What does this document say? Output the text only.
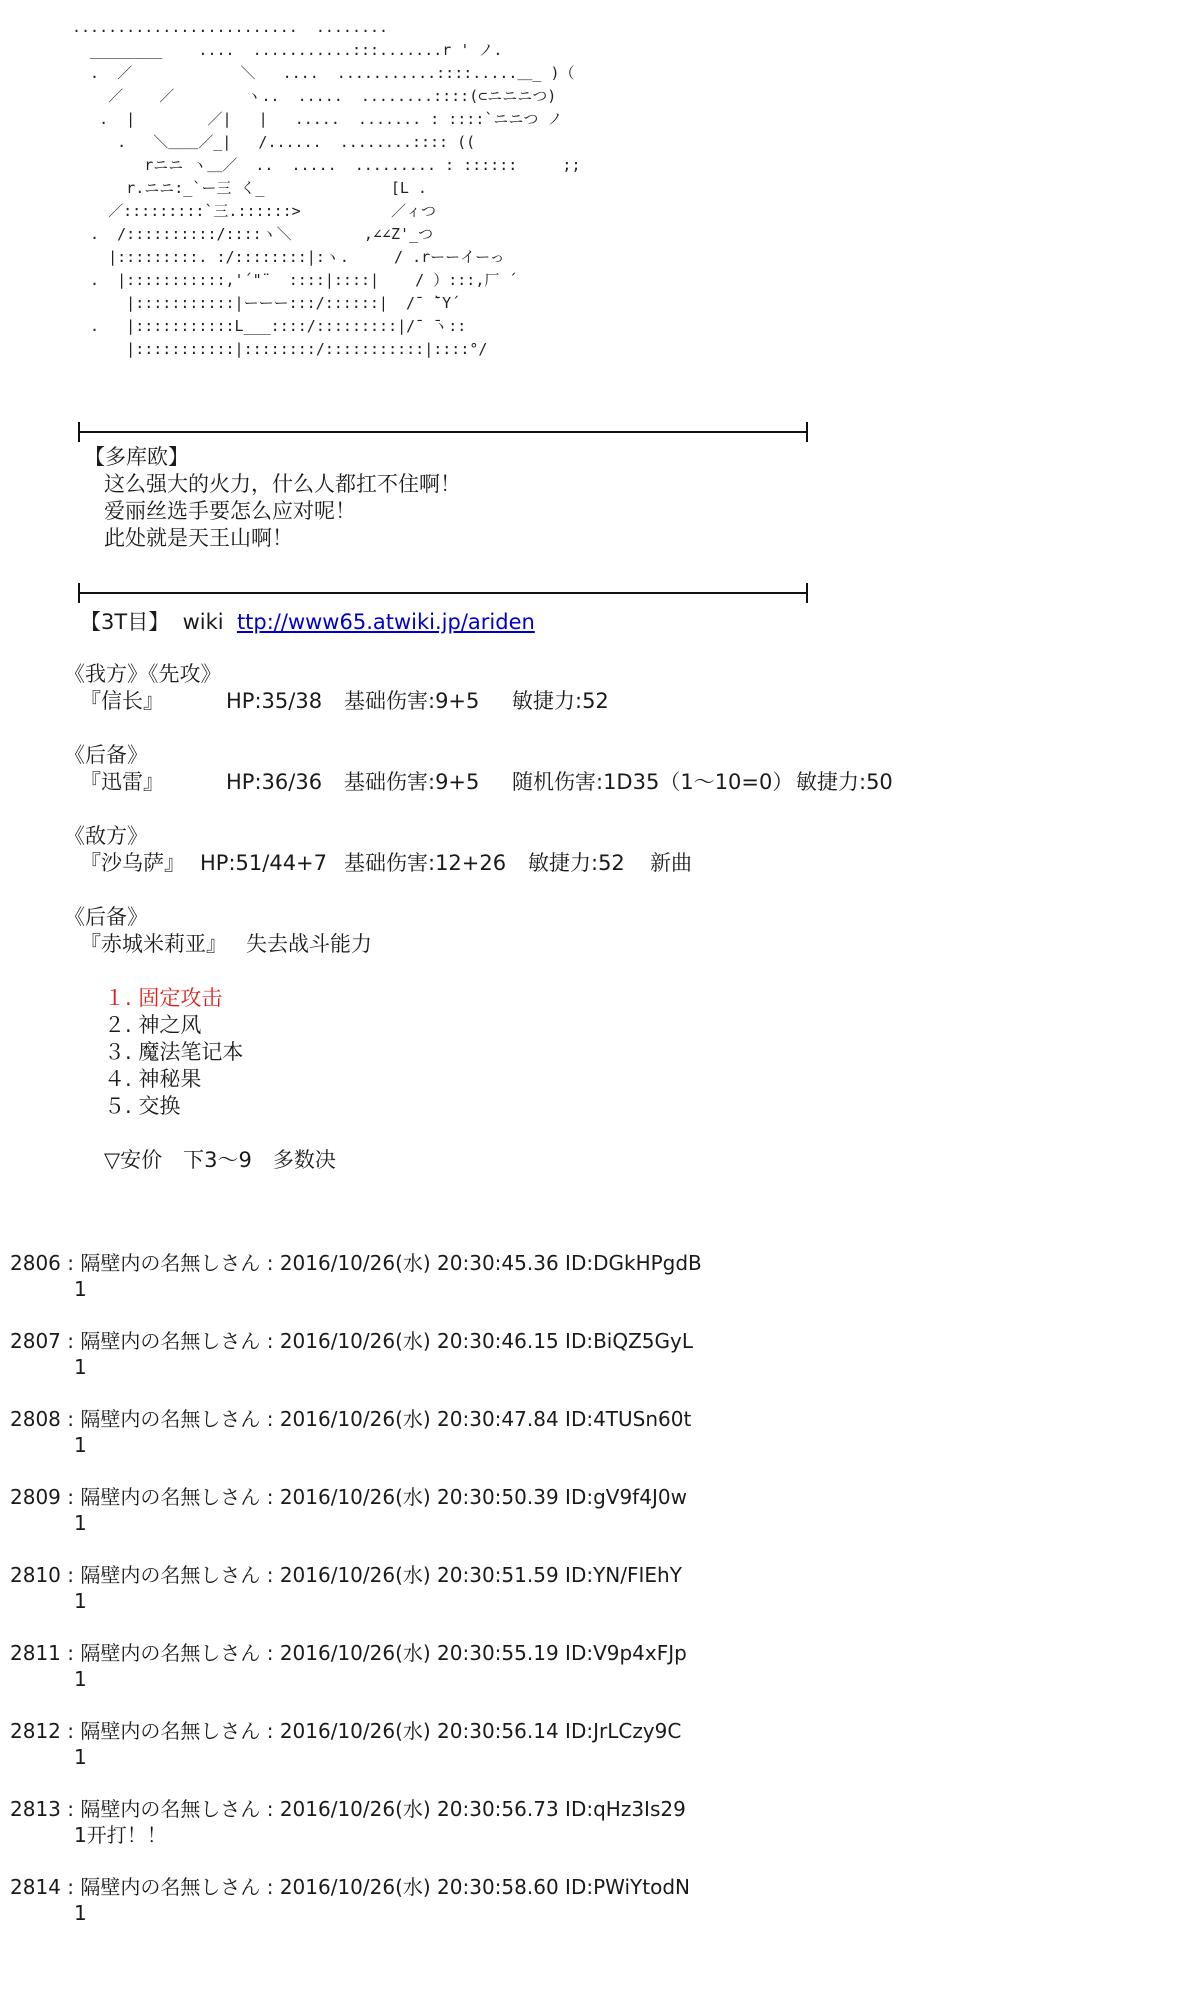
.........................  ........
________    ....  ...........:::.......r ' ノ.
.  ／            ＼   ....  ...........::::.....＿_ )（
／    ／        ヽ..  .....  ........::::(⊂ニニニつ)
.  |        ／|   |   .....  ....... : ::::`ニニつ ノ
.   ＼＿＿／_|   /......  ........:::: ((
rニニ ヽ＿／  ..  .....  ......... : ::::::     ;;
r.ニニ:_`ー三 く_              [L .
／:::::::::`三.::::::>          ／ィつ
.  /::::::::::/::::ヽ＼        ,∠∠Z'_つ
|:::::::::. :/::::::::|:ヽ.     / .rーーイーっ
.  |:::::::::::,'´"¨  ::::|::::|    / ）:::,厂 ´
|:::::::::::|ーーー:::/::::::|  /¯ ̄`Y´
.   |:::::::::::L___::::/:::::::::|/¯ ̄ヽ::
|:::::::::::|::::::::/:::::::::::|::::°/
【多库欧】
这么强大的火力，什么人都扛不住啊！
爱丽丝选手要怎么应对呢！
此处就是天王山啊！
【3T目】 wiki ttp://www65.atwiki.jp/ariden
《我方》《先攻》
『信长』	HP:35/38 基础伤害:9+5 敏捷力:52
《后备》
『迅雷』	HP:36/36 基础伤害:9+5 随机伤害:1D35（1～10=0） 敏捷力:50
《敌方》
『沙乌萨』 HP:51/44+7 基础伤害:12+26 敏捷力:52 新曲
《后备》
『赤城米莉亚』 失去战斗能力
１. 固定攻击
２. 神之风
３. 魔法笔记本
４. 神秘果
５. 交换
▽安价　下3～9　多数决
2806 : 隔壁内の名無しさん : 2016/10/26(水) 20:30:45.36 ID:DGkHPgdB
1
2807 : 隔壁内の名無しさん : 2016/10/26(水) 20:30:46.15 ID:BiQZ5GyL
1
2808 : 隔壁内の名無しさん : 2016/10/26(水) 20:30:47.84 ID:4TUSn60t
1
2809 : 隔壁内の名無しさん : 2016/10/26(水) 20:30:50.39 ID:gV9f4J0w
1
2810 : 隔壁内の名無しさん : 2016/10/26(水) 20:30:51.59 ID:YN/FIEhY
1
2811 : 隔壁内の名無しさん : 2016/10/26(水) 20:30:55.19 ID:V9p4xFJp
1
2812 : 隔壁内の名無しさん : 2016/10/26(水) 20:30:56.14 ID:JrLCzy9C
1
2813 : 隔壁内の名無しさん : 2016/10/26(水) 20:30:56.73 ID:qHz3Is29
1开打！！
2814 : 隔壁内の名無しさん : 2016/10/26(水) 20:30:58.60 ID:PWiYtodN
1
